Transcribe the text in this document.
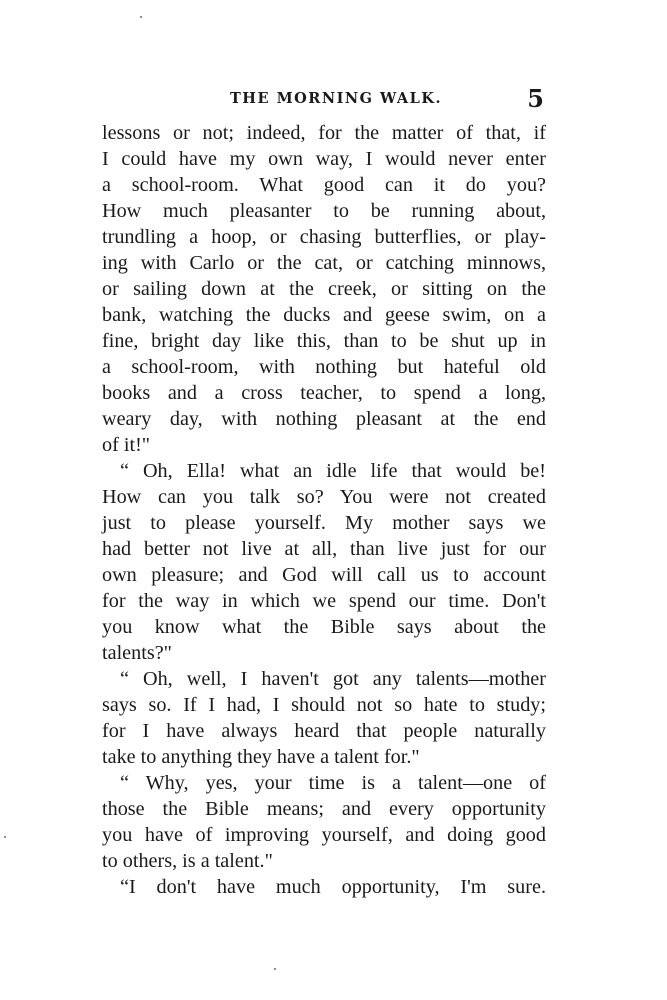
THE MORNING WALK.	5
lessons or not; indeed, for the matter of that, if
I could have my own way, I would never enter
a school-room. What good can it do you?
How much pleasanter to be running about,
trundling a hoop, or chasing butterflies, or play-
ing with Carlo or the cat, or catching minnows,
or sailing down at the creek, or sitting on the
bank, watching the ducks and geese swim, on a
fine, bright day like this, than to be shut up in
a school-room, with nothing but hateful old
books and a cross teacher, to spend a long,
weary day, with nothing pleasant at the end
of it!"
“ Oh, Ella! what an idle life that would be!
How can you talk so? You were not created
just to please yourself. My mother says we
had better not live at all, than live just for our
own pleasure; and God will call us to account
for the way in which we spend our time. Don't
you know what the Bible says about the
talents?"
“ Oh, well, I haven't got any talents—mother
says so. If I had, I should not so hate to study;
for I have always heard that people naturally
take to anything they have a talent for."
“ Why, yes, your time is a talent—one of
those the Bible means; and every opportunity
you have of improving yourself, and doing good
to others, is a talent."
“I don't have much opportunity, I'm sure.
